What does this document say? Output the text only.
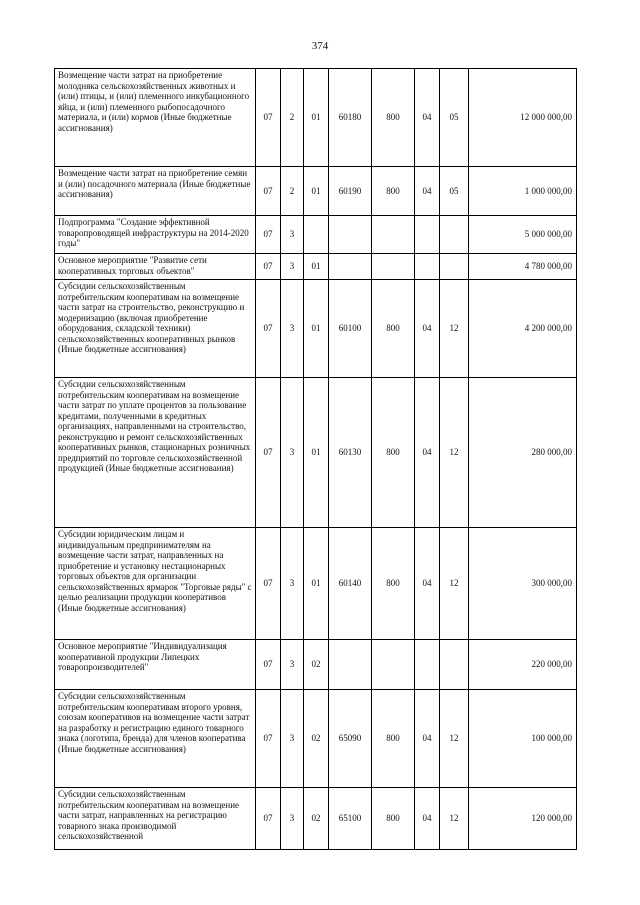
374
Возмещение части затрат на приобретение молодняка сельскохозяйственных животных и (или) птицы, и (или) племенного инкубационного яйца, и (или) племенного рыбопосадочного материала, и (или) кормов (Иные бюджетные ассигнования)	07	2	01	60180	800	04	05	12 000 000,00
Возмещение части затрат на приобретение семян и (или) посадочного материала (Иные бюджетные ассигнования)	07	2	01	60190	800	04	05	1 000 000,00
Подпрограмма "Создание эффективной товаропроводящей инфраструктуры на 2014-2020 годы"	07	3						5 000 000,00
Основное мероприятие "Развитие сети кооперативных торговых объектов"	07	3	01					4 780 000,00
Субсидии сельскохозяйственным потребительским кооперативам на возмещение части затрат на строительство, реконструкцию и модернизацию (включая приобретение оборудования, складской техники) сельскохозяйственных кооперативных рынков (Иные бюджетные ассигнования)	07	3	01	60100	800	04	12	4 200 000,00
Субсидии сельскохозяйственным потребительским кооперативам на возмещение части затрат по уплате процентов за пользование кредитами, полученными в кредитных организациях, направленными на строительство, реконструкцию и ремонт сельскохозяйственных кооперативных рынков, стационарных розничных предприятий по торговле сельскохозяйственной продукцией (Иные бюджетные ассигнования)	07	3	01	60130	800	04	12	280 000,00
Субсидии юридическим лицам и индивидуальным предпринимателям на возмещение части затрат, направленных на приобретение и установку нестационарных торговых объектов для организации сельскохозяйственных ярмарок "Торговые ряды" с целью реализации продукции кооперативов (Иные бюджетные ассигнования)	07	3	01	60140	800	04	12	300 000,00
Основное мероприятие "Индивидуализация кооперативной продукции Липецких товаропроизводителей"	07	3	02					220 000,00
Субсидии сельскохозяйственным потребительским кооперативам второго уровня, союзам кооперативов на возмещение части затрат на разработку и регистрацию единого товарного знака (логотипа, бренда) для членов кооператива (Иные бюджетные ассигнования)	07	3	02	65090	800	04	12	100 000,00
Субсидии сельскохозяйственным потребительским кооперативам на возмещение части затрат, направленных на регистрацию товарного знака производимой сельскохозяйственной	07	3	02	65100	800	04	12	120 000,00
